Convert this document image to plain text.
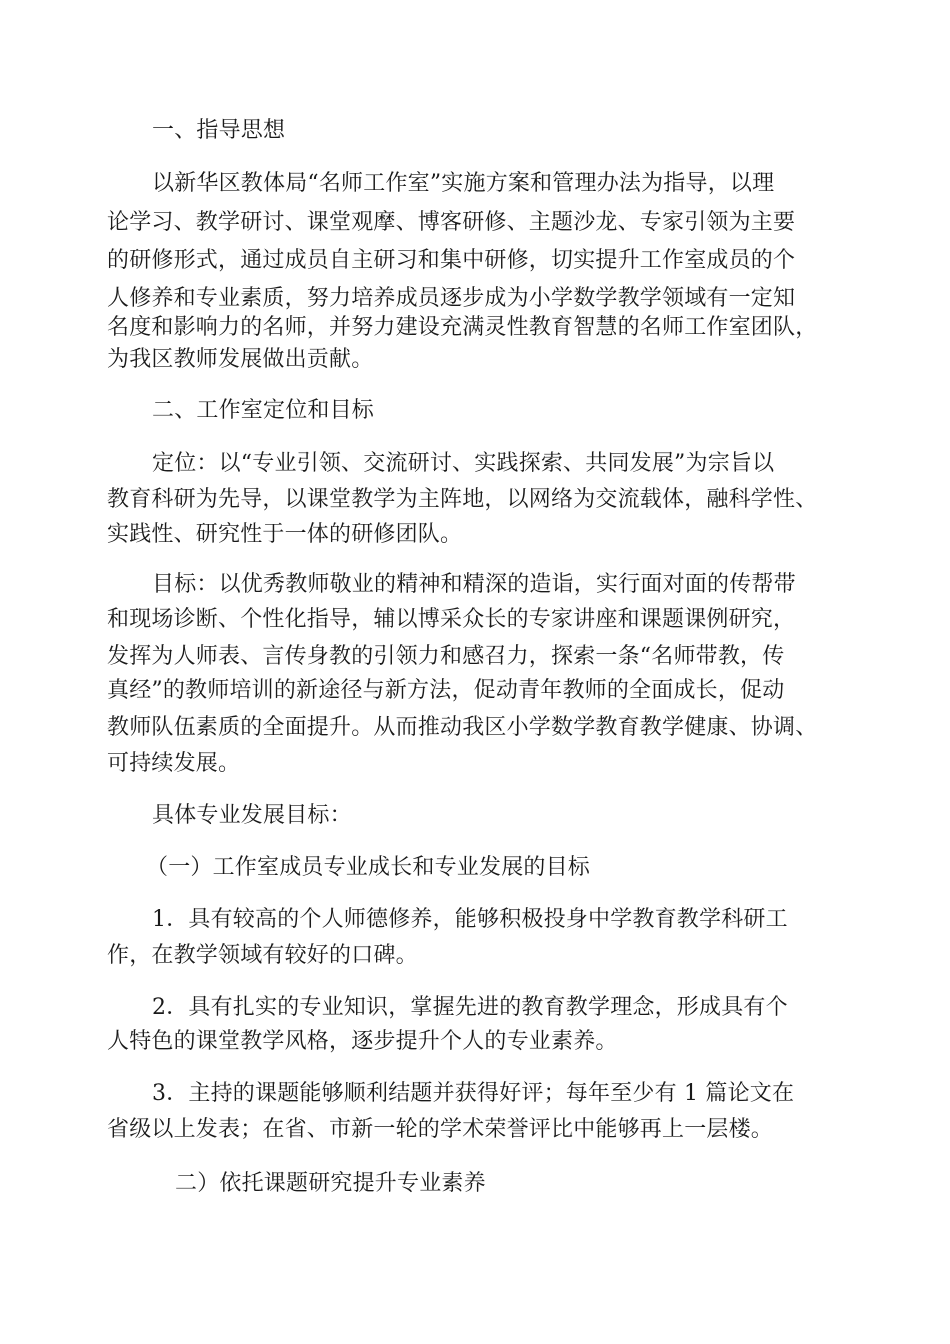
一、指导思想
以新华区教体局“名师工作室”实施方案和管理办法为指导，以理
论学习、教学研讨、课堂观摩、博客研修、主题沙龙、专家引领为主要
的研修形式，通过成员自主研习和集中研修，切实提升工作室成员的个
人修养和专业素质，努力培养成员逐步成为小学数学教学领域有一定知
名度和影响力的名师，并努力建设充满灵性教育智慧的名师工作室团队，
为我区教师发展做出贡献。
二、工作室定位和目标
定位：以“专业引领、交流研讨、实践探索、共同发展”为宗旨以
教育科研为先导，以课堂教学为主阵地，以网络为交流载体，融科学性、
实践性、研究性于一体的研修团队。
目标：以优秀教师敬业的精神和精深的造诣，实行面对面的传帮带
和现场诊断、个性化指导，辅以博采众长的专家讲座和课题课例研究，
发挥为人师表、言传身教的引领力和感召力，探索一条“名师带教，传
真经”的教师培训的新途径与新方法，促动青年教师的全面成长，促动
教师队伍素质的全面提升。从而推动我区小学数学教育教学健康、协调、
可持续发展。
具体专业发展目标：
（一）工作室成员专业成长和专业发展的目标
1．具有较高的个人师德修养，能够积极投身中学教育教学科研工
作，在教学领域有较好的口碑。
2．具有扎实的专业知识，掌握先进的教育教学理念，形成具有个
人特色的课堂教学风格，逐步提升个人的专业素养。
3．主持的课题能够顺利结题并获得好评；每年至少有 1 篇论文在
省级以上发表；在省、市新一轮的学术荣誉评比中能够再上一层楼。
二）依托课题研究提升专业素养
